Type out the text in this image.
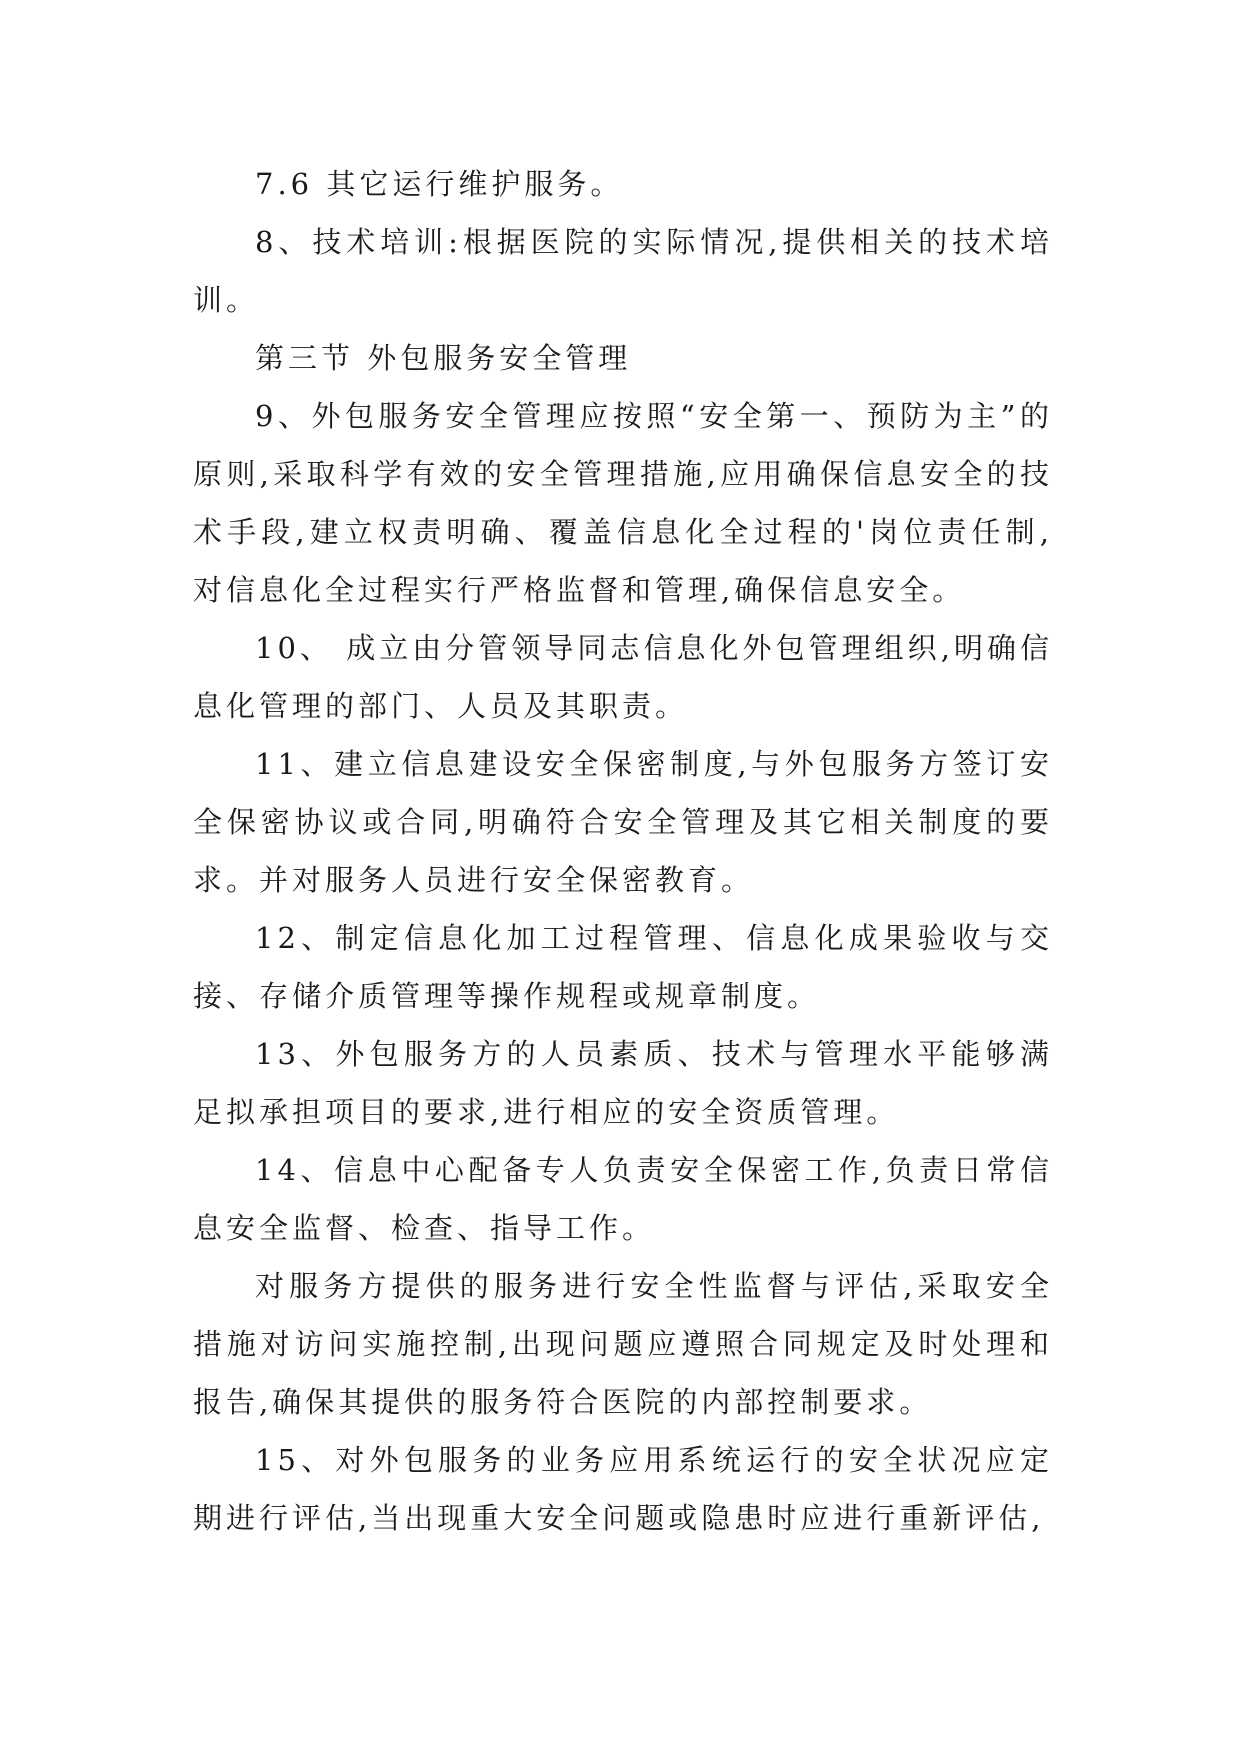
7.6 其它运行维护服务。

8、技术培训:根据医院的实际情况,提供相关的技术培训。

第三节 外包服务安全管理

9、外包服务安全管理应按照“安全第一、预防为主”的原则,采取科学有效的安全管理措施,应用确保信息安全的技术手段,建立权责明确、覆盖信息化全过程的'岗位责任制,对信息化全过程实行严格监督和管理,确保信息安全。

10、 成立由分管领导同志信息化外包管理组织,明确信息化管理的部门、人员及其职责。

11、建立信息建设安全保密制度,与外包服务方签订安全保密协议或合同,明确符合安全管理及其它相关制度的要求。并对服务人员进行安全保密教育。

12、制定信息化加工过程管理、信息化成果验收与交接、存储介质管理等操作规程或规章制度。

13、外包服务方的人员素质、技术与管理水平能够满足拟承担项目的要求,进行相应的安全资质管理。

14、信息中心配备专人负责安全保密工作,负责日常信息安全监督、检查、指导工作。

对服务方提供的服务进行安全性监督与评估,采取安全措施对访问实施控制,出现问题应遵照合同规定及时处理和报告,确保其提供的服务符合医院的内部控制要求。

15、对外包服务的业务应用系统运行的安全状况应定期进行评估,当出现重大安全问题或隐患时应进行重新评估,
